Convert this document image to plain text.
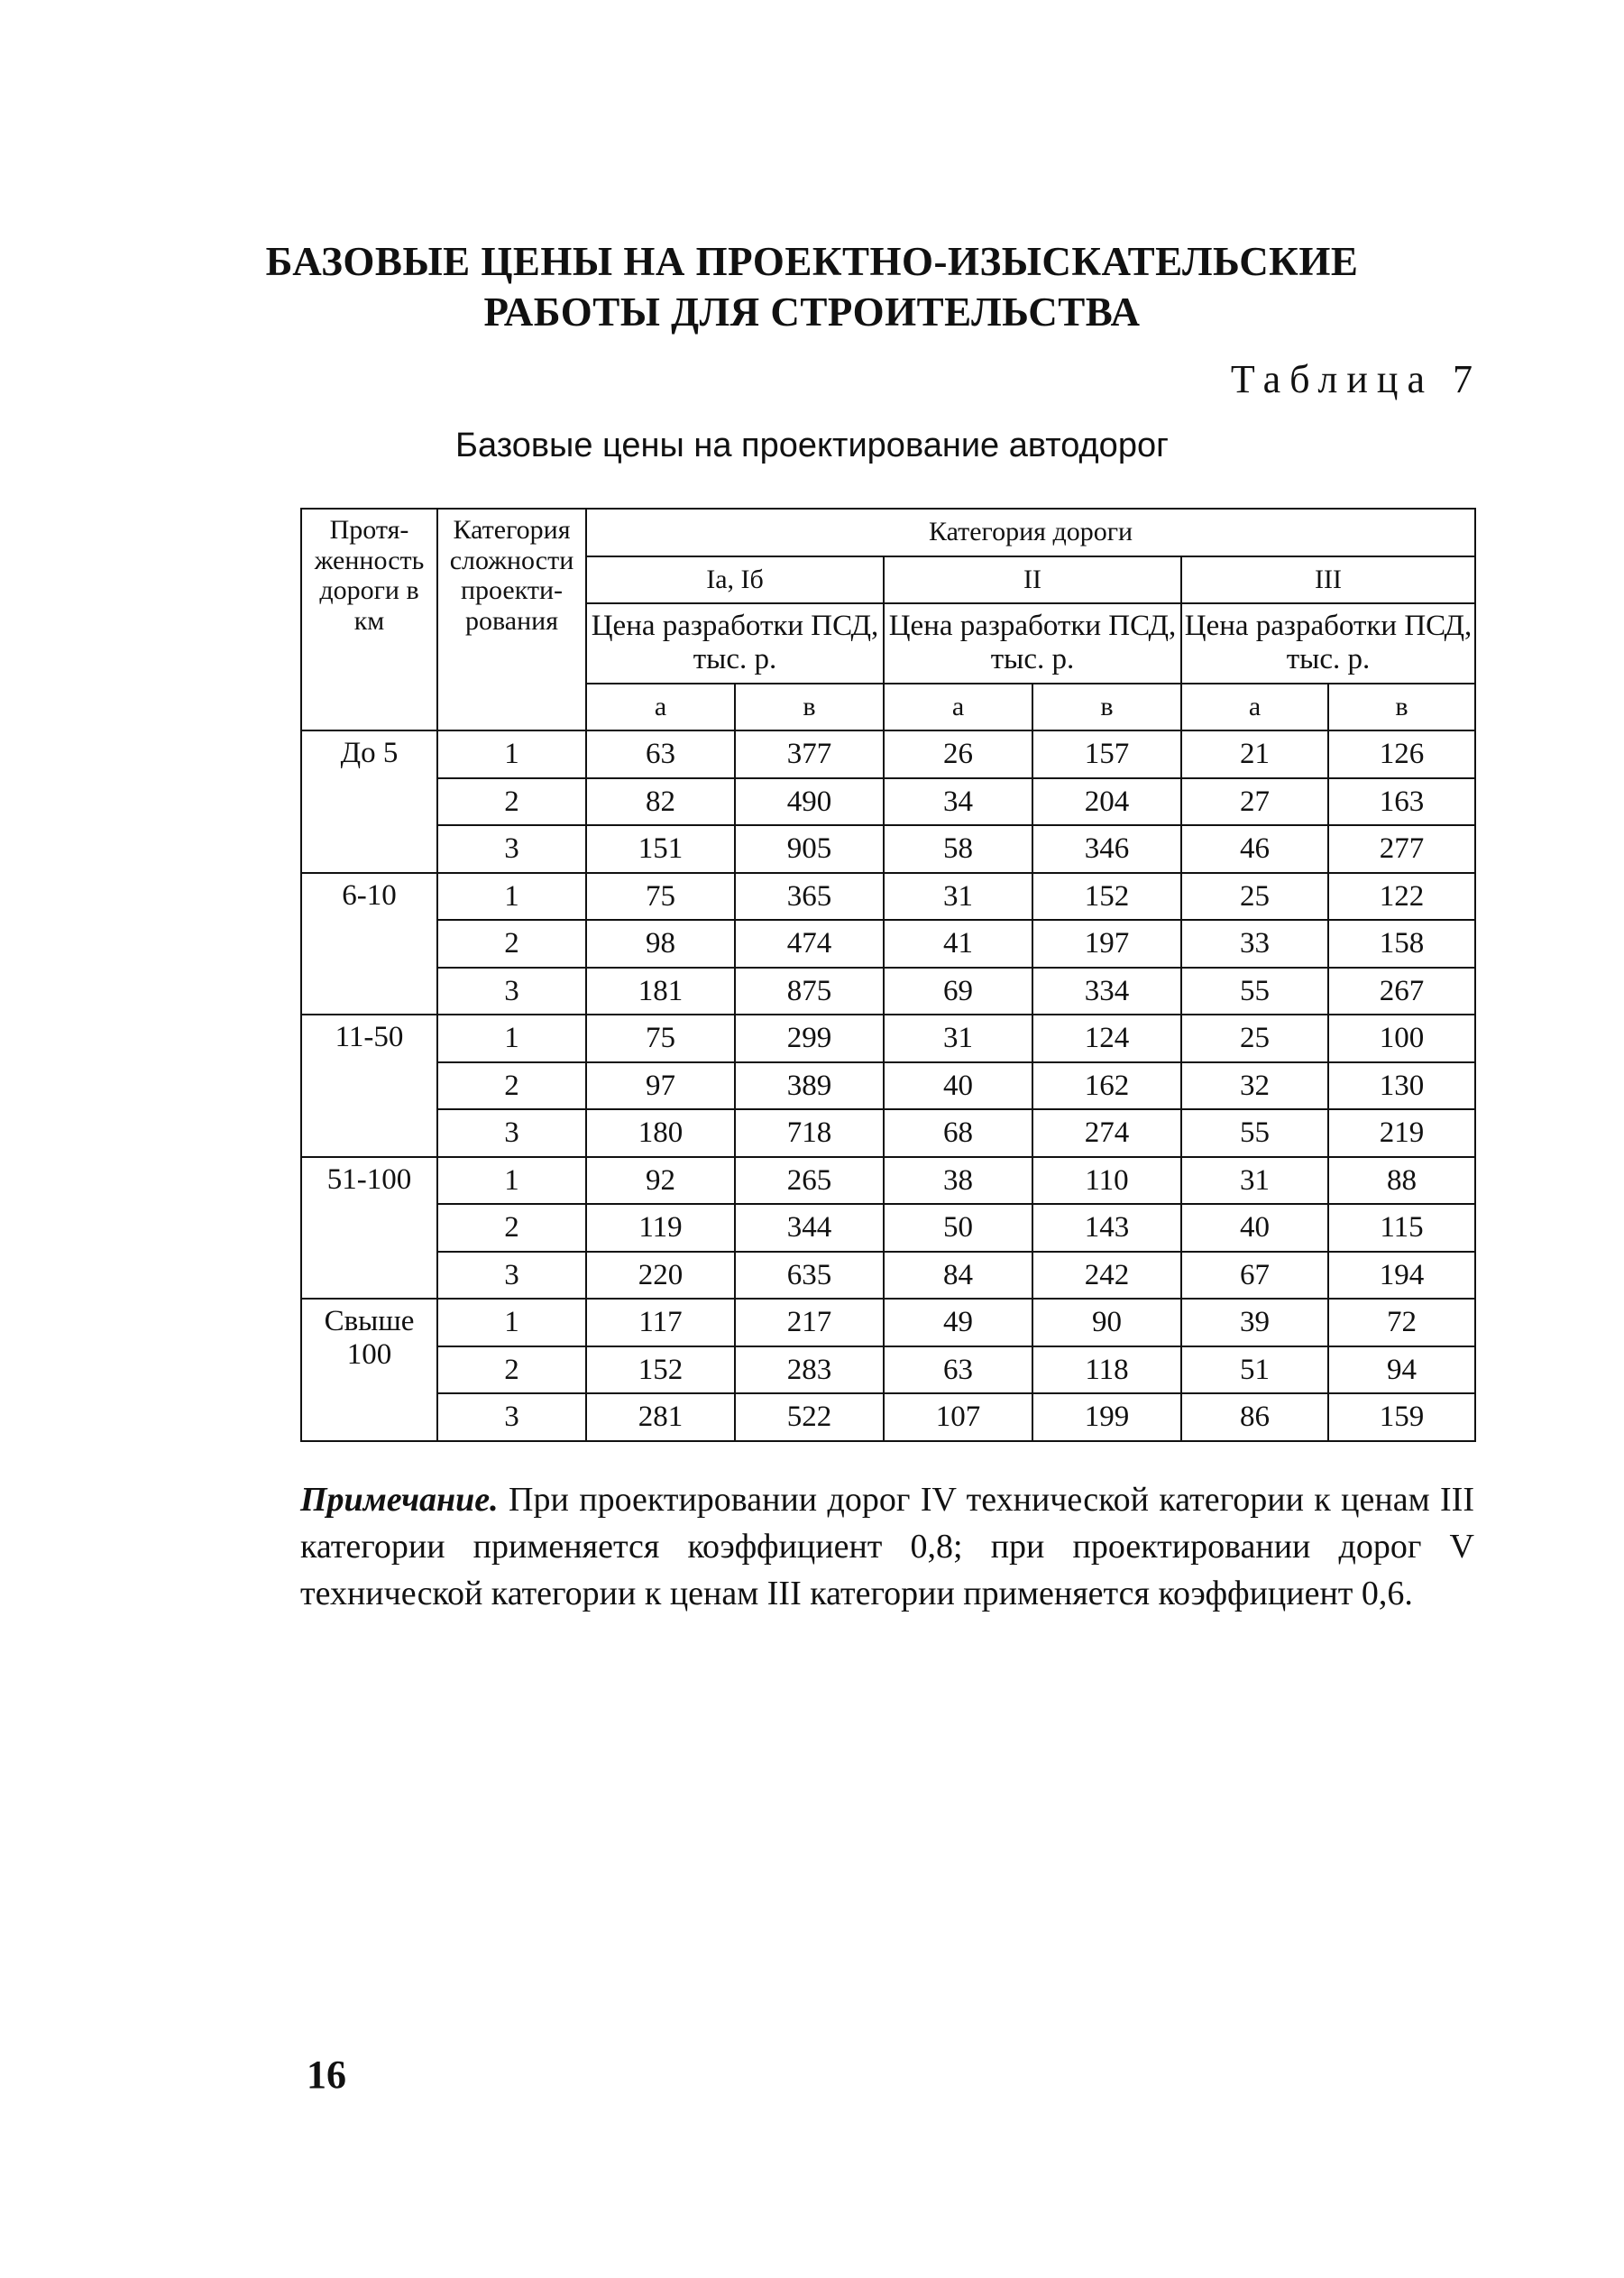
БАЗОВЫЕ ЦЕНЫ НА ПРОЕКТНО-ИЗЫСКАТЕЛЬСКИЕ
РАБОТЫ ДЛЯ СТРОИТЕЛЬСТВА
Таблица 7
Базовые цены на проектирование автодорог
Протя-женность дороги в км	Категория сложности проекти-рования	Категория дороги					
		Iа, Iб		II		III	
		Цена разработки ПСД, тыс. р.		Цена разработки ПСД, тыс. р.		Цена разработки ПСД, тыс. р.	
		а	в	а	в	а	в
До 5	1	63	377	26	157	21	126
	2	82	490	34	204	27	163
	3	151	905	58	346	46	277
6-10	1	75	365	31	152	25	122
	2	98	474	41	197	33	158
	3	181	875	69	334	55	267
11-50	1	75	299	31	124	25	100
	2	97	389	40	162	32	130
	3	180	718	68	274	55	219
51-100	1	92	265	38	110	31	88
	2	119	344	50	143	40	115
	3	220	635	84	242	67	194
Свыше 100	1	117	217	49	90	39	72
	2	152	283	63	118	51	94
	3	281	522	107	199	86	159
Примечание. При проектировании дорог IV технической категории к ценам III категории применяется коэффициент 0,8; при проектировании дорог V технической категории к ценам III категории применяется коэффициент 0,6.
16
